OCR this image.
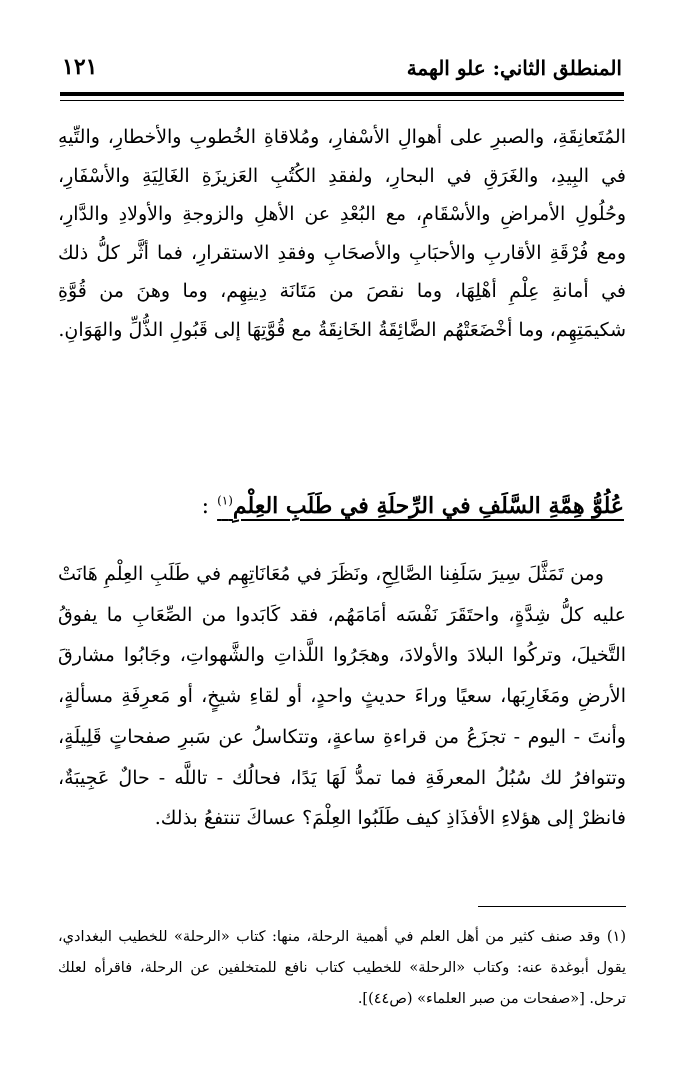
المنطلق الثاني: علو الهمة
١٢١
المُتَعانِقَةِ، والصبرِ على أهوالِ الأسْفارِ، ومُلاقاةِ الخُطوبِ والأخطارِ، والتِّيهِ في البِيدِ، والغَرَقِ في البحارِ، ولفقدِ الكُتُبِ العَزيزَةِ الغَالِيَةِ والأسْفَارِ، وحُلُولِ الأمراضِ والأسْقَامِ، مع البُعْدِ عن الأهلِ والزوجةِ والأولادِ والدَّارِ، ومع فُرْقَةِ الأقاربِ والأحبَابِ والأصحَابِ وفقدِ الاستقرارِ، فما أثَّر كلُّ ذلك في أمانةِ عِلْمِ أهْلِهَا، وما نقصَ من مَتَانَة دِينِهِم، وما وهنَ من قُوَّةِ شكيمَتِهِم، وما أخْضَعَتْهُم الضَّائِقَةُ الخَانِقَةُ مع قُوَّتِهَا إلى قَبُولِ الذُّلِّ والهَوَانِ.
عُلُوُّ هِمَّةِ السَّلَفِ في الرِّحلَةِ في طَلَبِ العِلْمِ$^{(١)}$:
ومن تَمَثَّلَ سِيرَ سَلَفِنا الصَّالِحِ، ونَظَرَ في مُعَانَاتِهِم في طَلَبِ العِلْمِ هَانَتْ عليه كلُّ شِدَّةٍ، واحتَقَرَ نَفْسَه أمَامَهُم، فقد كَابَدوا من الصِّعَابِ ما يفوقُ التَّخيلَ، وتركُوا البلادَ والأولادَ، وهجَرُوا اللَّذاتِ والشَّهواتِ، وجَابُوا مشارقَ الأرضِ ومَغَارِبَها، سعيًا وراءَ حديثٍ واحدٍ، أو لقاءِ شيخٍ، أو مَعرِفَةِ مسألةٍ، وأنتَ - اليوم - تجزَعُ من قراءةِ ساعةٍ، وتتكاسلُ عن سَبرِ صفحاتٍ قَلِيلَةٍ، وتتوافرُ لك سُبُلُ المعرفَةِ فما تمدُّ لَهَا يَدًا، فحالُك - تاللَّه - حالٌ عَجِيبَةٌ، فانظرْ إلى هؤلاءِ الأفذَاذِ كيف طَلَبُوا العِلْمَ؟ عساكَ تنتفعُ بذلك.
(١) وقد صنف كثير من أهل العلم في أهمية الرحلة، منها: كتاب «الرحلة» للخطيب البغدادي، يقول أبوغدة عنه: وكتاب «الرحلة» للخطيب كتاب نافع للمتخلفين عن الرحلة، فاقرأه لعلك ترحل. [«صفحات من صبر العلماء» (ص٤٤)].
